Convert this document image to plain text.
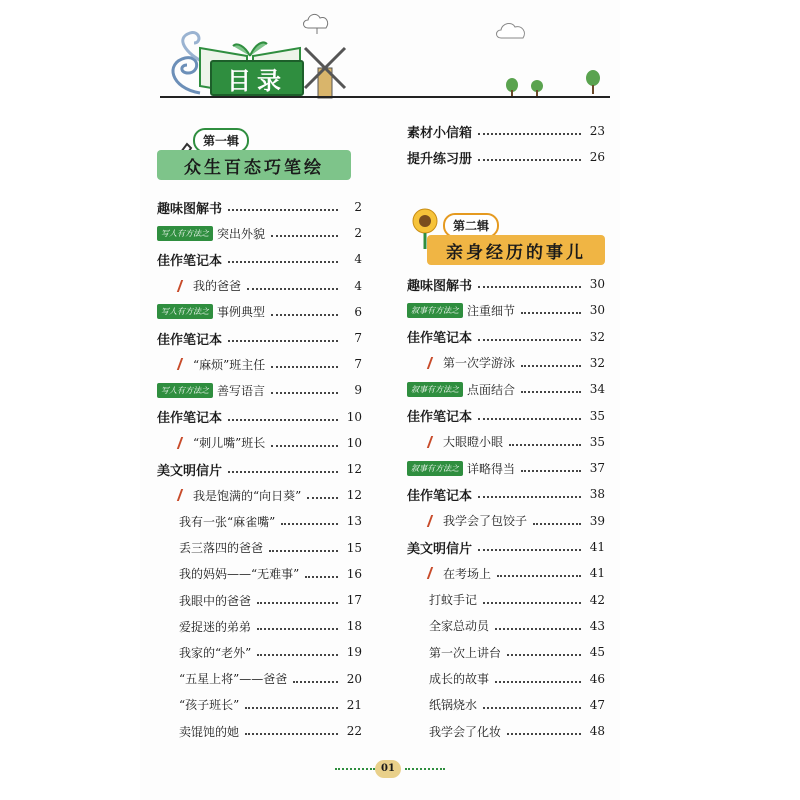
目录
第一辑
众生百态巧笔绘
第二辑
亲身经历的事儿
趣味图解书	2
写人有方法之 突出外貌	2
佳作笔记本	4
我的爸爸	4
写人有方法之 事例典型	6
佳作笔记本	7
“麻烦”班主任	7
写人有方法之 善写语言	9
佳作笔记本	10
“刺儿嘴”班长	10
美文明信片	12
我是饱满的“向日葵”	12
我有一张“麻雀嘴”	13
丢三落四的爸爸	15
我的妈妈——“无难事”	16
我眼中的爸爸	17
爱捉迷的弟弟	18
我家的“老外”	19
“五星上将”——爸爸	20
“孩子班长”	21
卖馄饨的她	22
素材小信箱	23
提升练习册	26
趣味图解书	30
叙事有方法之 注重细节	30
佳作笔记本	32
第一次学游泳	32
叙事有方法之 点面结合	34
佳作笔记本	35
大眼瞪小眼	35
叙事有方法之 详略得当	37
佳作笔记本	38
我学会了包饺子	39
美文明信片	41
在考场上	41
打蚊手记	42
全家总动员	43
第一次上讲台	45
成长的故事	46
纸锅烧水	47
我学会了化妆	48
01
